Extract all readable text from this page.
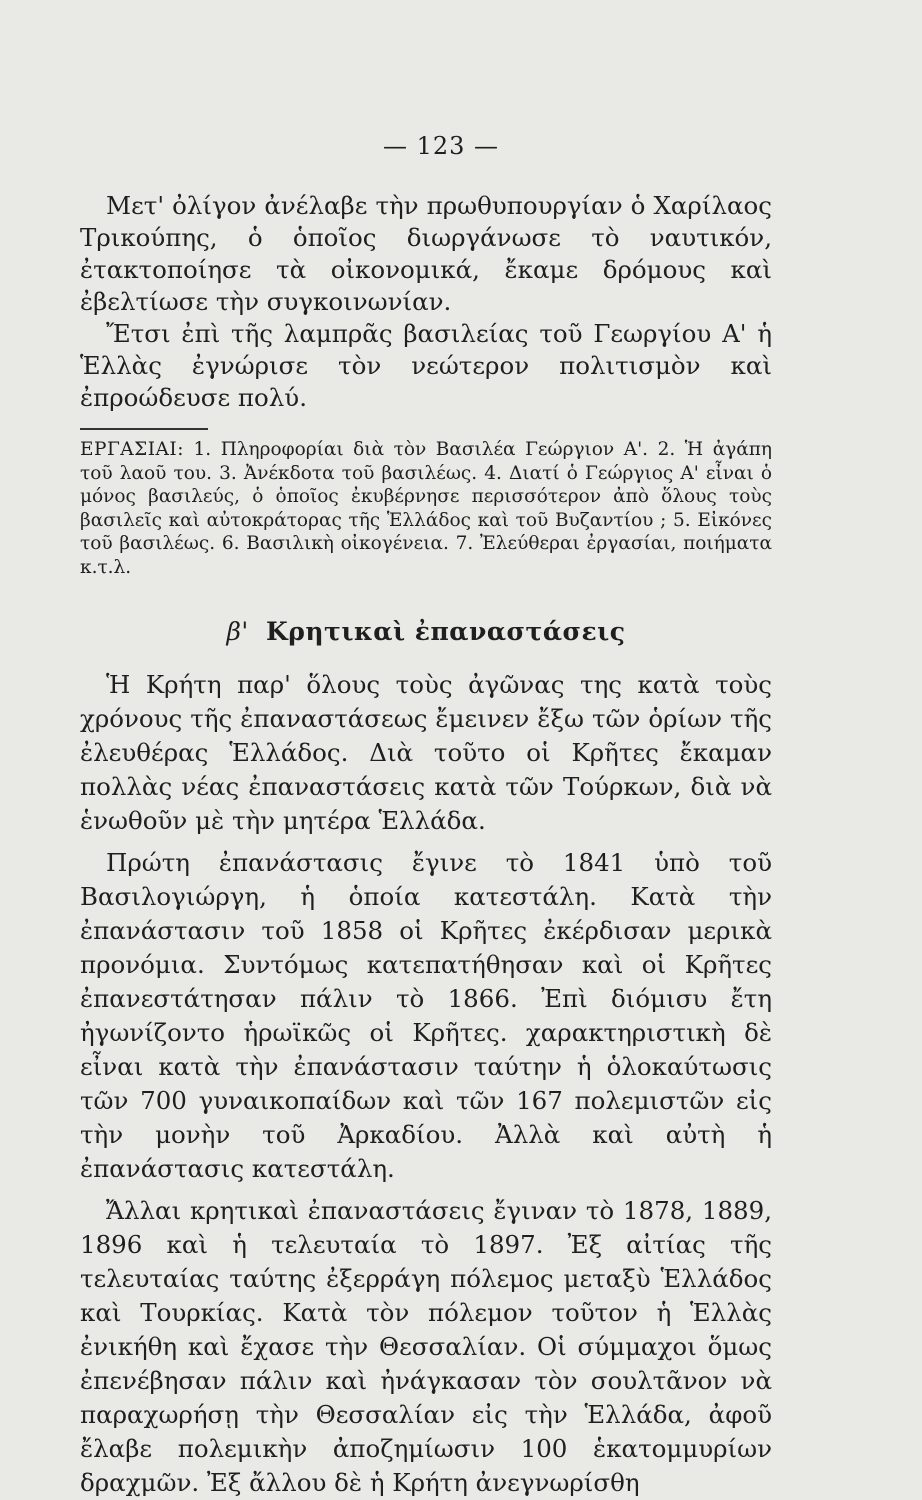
— 123 —

Μετ' ὀλίγον ἀνέλαβε τὴν πρωθυπουργίαν ὁ Χαρίλαος Τρικούπης, ὁ ὁποῖος διωργάνωσε τὸ ναυτικόν, ἐτακτοποίησε τὰ οἰκονομικά, ἔκαμε δρόμους καὶ ἐβελτίωσε τὴν συγκοινωνίαν.

Ἔτσι ἐπὶ τῆς λαμπρᾶς βασιλείας τοῦ Γεωργίου Α' ἡ Ἑλλὰς ἐγνώρισε τὸν νεώτερον πολιτισμὸν καὶ ἐπροώδευσε πολύ.

ΕΡΓΑΣΙΑΙ: 1. Πληροφορίαι διὰ τὸν Βασιλέα Γεώργιον Α'. 2. Ἡ ἀγάπη τοῦ λαοῦ του. 3. Ἀνέκδοτα τοῦ βασιλέως. 4. Διατί ὁ Γεώργιος Α' εἶναι ὁ μόνος βασιλεύς, ὁ ὁποῖος ἐκυβέρνησε περισσότερον ἀπὸ ὅλους τοὺς βασιλεῖς καὶ αὐτοκράτορας τῆς Ἑλλάδος καὶ τοῦ Βυζαντίου ; 5. Εἰκόνες τοῦ βασιλέως. 6. Βασιλικὴ οἰκογένεια. 7. Ἐλεύθεραι ἐργασίαι, ποιήματα κ.τ.λ.

β' Κρητικαὶ ἐπαναστάσεις

Ἡ Κρήτη παρ' ὅλους τοὺς ἀγῶνας της κατὰ τοὺς χρόνους τῆς ἐπαναστάσεως ἔμεινεν ἔξω τῶν ὁρίων τῆς ἐλευθέρας Ἑλλάδος. Διὰ τοῦτο οἱ Κρῆτες ἔκαμαν πολλὰς νέας ἐπαναστάσεις κατὰ τῶν Τούρκων, διὰ νὰ ἑνωθοῦν μὲ τὴν μητέρα Ἑλλάδα.

Πρώτη ἐπανάστασις ἔγινε τὸ 1841 ὑπὸ τοῦ Βασιλογιώργη, ἡ ὁποία κατεστάλη. Κατὰ τὴν ἐπανάστασιν τοῦ 1858 οἱ Κρῆτες ἐκέρδισαν μερικὰ προνόμια. Συντόμως κατεπατήθησαν καὶ οἱ Κρῆτες ἐπανεστάτησαν πάλιν τὸ 1866. Ἐπὶ διόμισυ ἔτη ἠγωνίζοντο ἡρωϊκῶς οἱ Κρῆτες. χαρακτηριστικὴ δὲ εἶναι κατὰ τὴν ἐπανάστασιν ταύτην ἡ ὁλοκαύτωσις τῶν 700 γυναικοπαίδων καὶ τῶν 167 πολεμιστῶν εἰς τὴν μονὴν τοῦ Ἀρκαδίου. Ἀλλὰ καὶ αὐτὴ ἡ ἐπανάστασις κατεστάλη.

Ἄλλαι κρητικαὶ ἐπαναστάσεις ἔγιναν τὸ 1878, 1889, 1896 καὶ ἡ τελευταία τὸ 1897. Ἐξ αἰτίας τῆς τελευταίας ταύτης ἐξερράγη πόλεμος μεταξὺ Ἑλλάδος καὶ Τουρκίας. Κατὰ τὸν πόλεμον τοῦτον ἡ Ἑλλὰς ἐνικήθη καὶ ἔχασε τὴν Θεσσαλίαν. Οἱ σύμμαχοι ὅμως ἐπενέβησαν πάλιν καὶ ἠνάγκασαν τὸν σουλτᾶνον νὰ παραχωρήσῃ τὴν Θεσσαλίαν εἰς τὴν Ἑλλάδα, ἀφοῦ ἔλαβε πολεμικὴν ἀποζημίωσιν 100 ἑκατομμυρίων δραχμῶν. Ἐξ ἄλλου δὲ ἡ Κρήτη ἀνεγνωρίσθη
